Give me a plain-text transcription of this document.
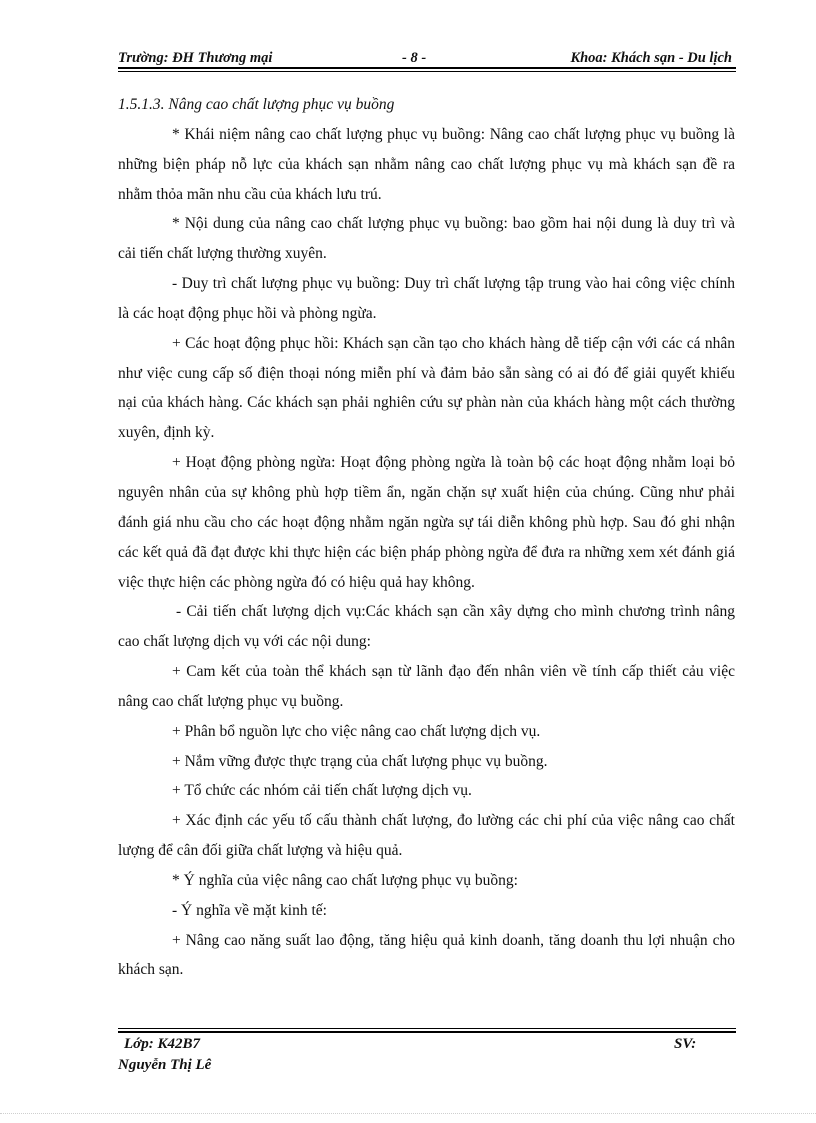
Trường: ĐH Thương mại	- 8 -	Khoa: Khách sạn - Du lịch

1.5.1.3. Nâng cao chất lượng phục vụ buồng

* Khái niệm nâng cao chất lượng phục vụ buồng: Nâng cao chất lượng phục vụ buồng là những biện pháp nỗ lực của khách sạn nhằm nâng cao chất lượng phục vụ mà khách sạn đề ra nhằm thỏa mãn nhu cầu của khách lưu trú.

* Nội dung của nâng cao chất lượng phục vụ buồng: bao gồm hai nội dung là duy trì và cải tiến chất lượng thường xuyên.

- Duy trì chất lượng phục vụ buồng: Duy trì chất lượng tập trung vào hai công việc chính là các hoạt động phục hồi và phòng ngừa.

+ Các hoạt động phục hồi: Khách sạn cần tạo cho khách hàng dễ tiếp cận với các cá nhân như việc cung cấp số điện thoại nóng miễn phí và đảm bảo sẵn sàng có ai đó để giải quyết khiếu nại của khách hàng. Các khách sạn phải nghiên cứu sự phàn nàn của khách hàng một cách thường xuyên, định kỳ.

+ Hoạt động phòng ngừa: Hoạt động phòng ngừa là toàn bộ các hoạt động nhằm loại bỏ nguyên nhân của sự không phù hợp tiềm ẩn, ngăn chặn sự xuất hiện của chúng. Cũng như phải đánh giá nhu cầu cho các hoạt động nhằm ngăn ngừa sự tái diễn không phù hợp. Sau đó ghi nhận các kết quả đã đạt được khi thực hiện các biện pháp phòng ngừa để đưa ra những xem xét đánh giá việc thực hiện các phòng ngừa đó có hiệu quả hay không.

- Cải tiến chất lượng dịch vụ:Các khách sạn cần xây dựng cho mình chương trình nâng cao chất lượng dịch vụ với các nội dung:

+ Cam kết của toàn thể khách sạn từ lãnh đạo đến nhân viên về tính cấp thiết cảu việc nâng cao chất lượng phục vụ buồng.

+ Phân bổ nguồn lực cho việc nâng cao chất lượng dịch vụ.

+ Nắm vững được thực trạng của chất lượng phục vụ buồng.

+ Tổ chức các nhóm cải tiến chất lượng dịch vụ.

+ Xác định các yếu tố cấu thành chất lượng, đo lường các chi phí của việc nâng cao chất lượng để cân đối giữa chất lượng và hiệu quả.

* Ý nghĩa của việc nâng cao chất lượng phục vụ buồng:

- Ý nghĩa về mặt kinh tế:

+ Nâng cao năng suất lao động, tăng hiệu quả kinh doanh, tăng doanh thu lợi nhuận cho khách sạn.

Lớp: K42B7	SV:
Nguyễn Thị Lê
